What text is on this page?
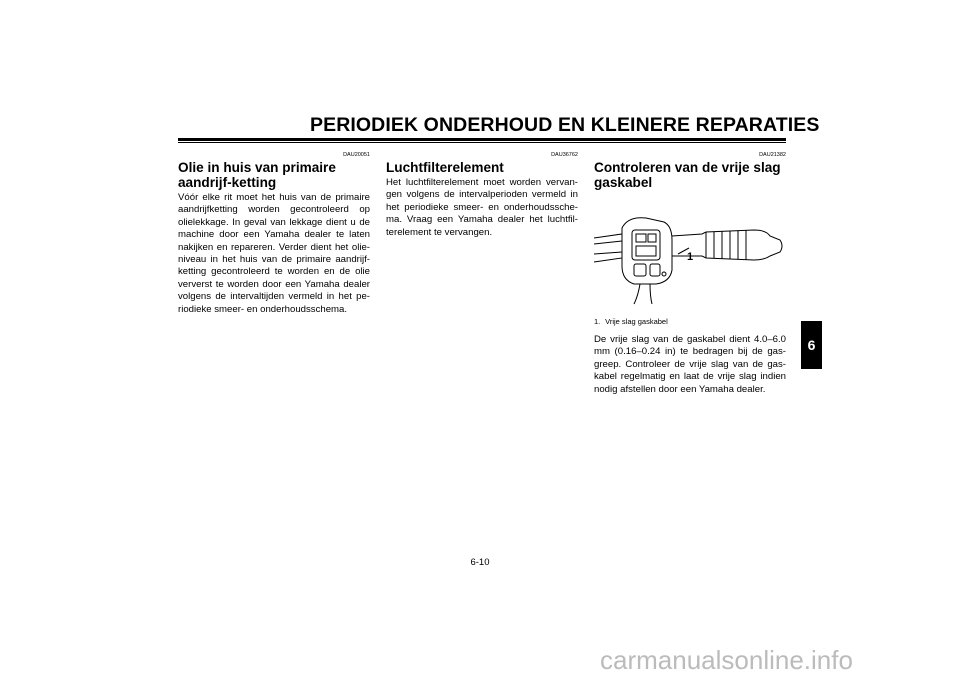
PERIODIEK ONDERHOUD EN KLEINERE REPARATIES
DAU20051
Olie in huis van primaire aandrijf-ketting

Vóór elke rit moet het huis van de primaire aandrijfketting worden gecontroleerd op olielekkage. In geval van lekkage dient u de machine door een Yamaha dealer te laten nakijken en repareren. Verder dient het olie-niveau in het huis van de primaire aandrijf-ketting gecontroleerd te worden en de olie ververst te worden door een Yamaha dealer volgens de intervaltijden vermeld in het pe-riodieke smeer- en onderhoudsschema.

DAU36762
Luchtfilterelement

Het luchtfilterelement moet worden vervan-gen volgens de intervalperioden vermeld in het periodieke smeer- en onderhoudssche-ma. Vraag een Yamaha dealer het luchtfil-terelement te vervangen.

DAU21382
Controleren van de vrije slag gaskabel
1
1. Vrije slag gaskabel

De vrije slag van de gaskabel dient 4.0–6.0 mm (0.16–0.24 in) te bedragen bij de gas-greep. Controleer de vrije slag van de gas-kabel regelmatig en laat de vrije slag indien nodig afstellen door een Yamaha dealer.

6
6-10
carmanualsonline.info
